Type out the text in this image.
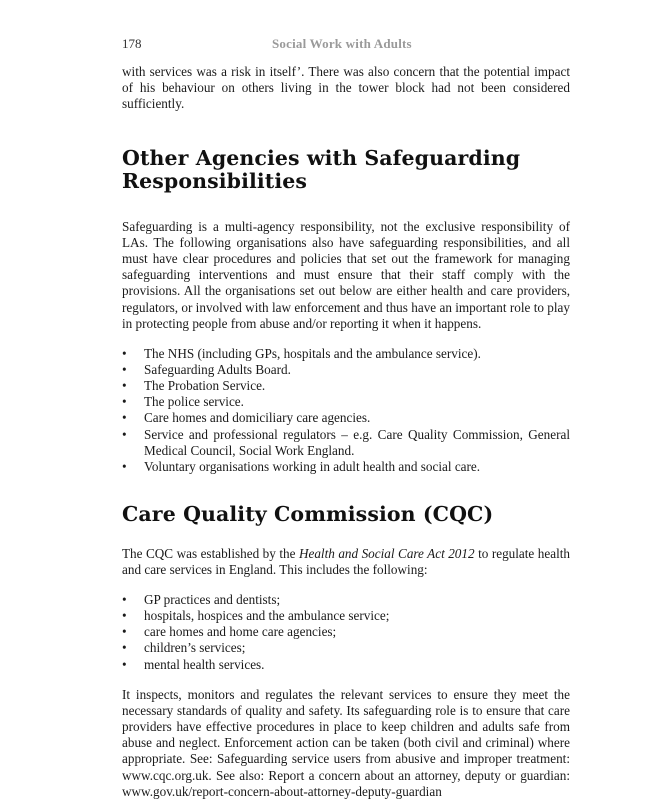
178	Social Work with Adults

with services was a risk in itself’. There was also concern that the potential impact of his behaviour on others living in the tower block had not been considered sufficiently.

Other Agencies with Safeguarding Responsibilities

Safeguarding is a multi-agency responsibility, not the exclusive responsibility of LAs. The following organisations also have safeguarding responsibilities, and all must have clear procedures and policies that set out the framework for managing safeguarding interventions and must ensure that their staff comply with the provisions. All the organisations set out below are either health and care providers, regulators, or involved with law enforcement and thus have an important role to play in protecting people from abuse and/or reporting it when it happens.

• The NHS (including GPs, hospitals and the ambulance service).
• Safeguarding Adults Board.
• The Probation Service.
• The police service.
• Care homes and domiciliary care agencies.
• Service and professional regulators – e.g. Care Quality Commission, General Medical Council, Social Work England.
• Voluntary organisations working in adult health and social care.
Care Quality Commission (CQC)

The CQC was established by the Health and Social Care Act 2012 to regulate health and care services in England. This includes the following:

• GP practices and dentists;
• hospitals, hospices and the ambulance service;
• care homes and home care agencies;
• children’s services;
• mental health services.

It inspects, monitors and regulates the relevant services to ensure they meet the necessary standards of quality and safety. Its safeguarding role is to ensure that care providers have effective procedures in place to keep children and adults safe from abuse and neglect. Enforcement action can be taken (both civil and criminal) where appropriate. See: Safeguarding service users from abusive and improper treatment: www.cqc.org.uk. See also: Report a concern about an attorney, deputy or guardian: www.gov.uk/report-concern-about-attorney-deputy-guardian
